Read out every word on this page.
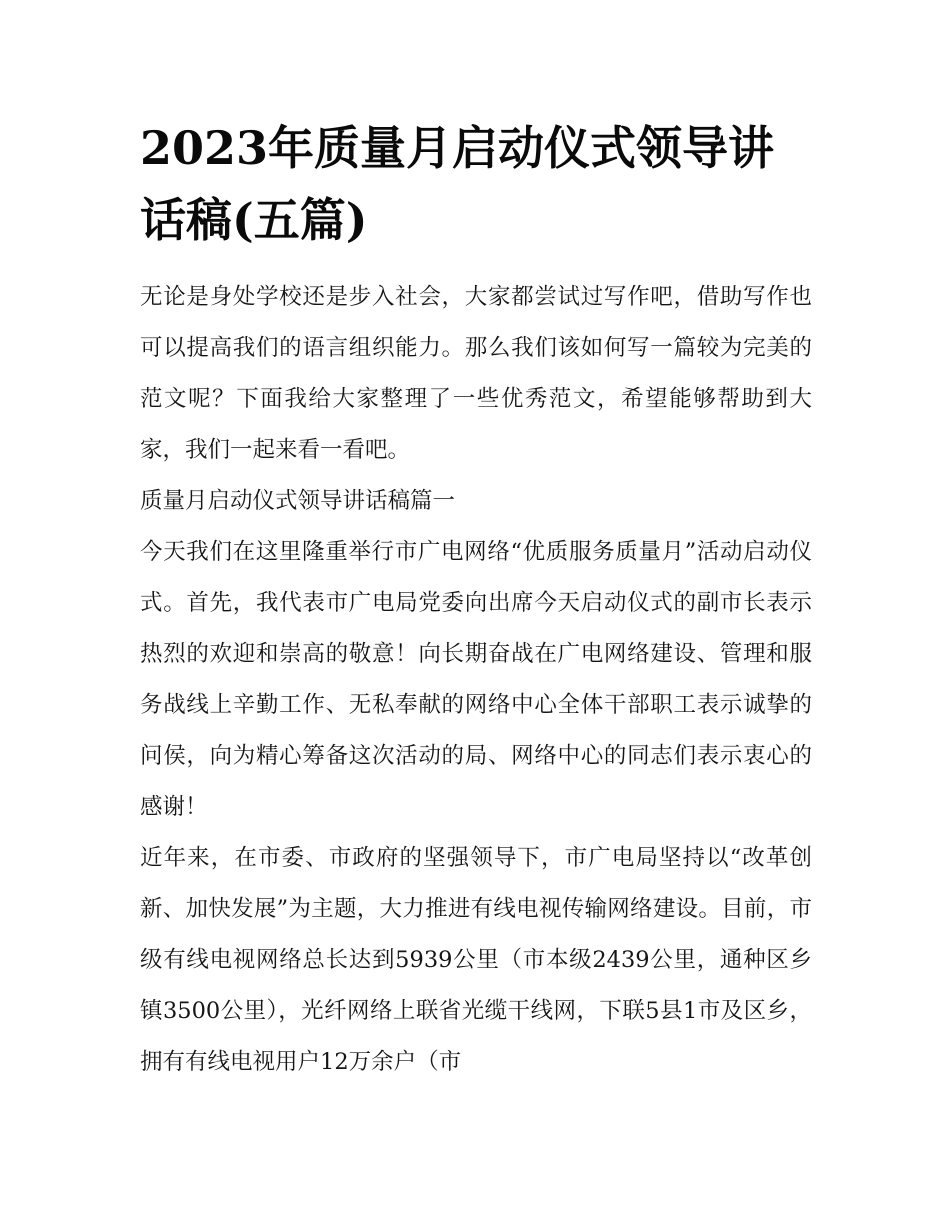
2023年质量月启动仪式领导讲话稿(五篇)

无论是身处学校还是步入社会，大家都尝试过写作吧，借助写作也可以提高我们的语言组织能力。那么我们该如何写一篇较为完美的范文呢？下面我给大家整理了一些优秀范文，希望能够帮助到大家，我们一起来看一看吧。

质量月启动仪式领导讲话稿篇一

今天我们在这里隆重举行市广电网络“优质服务质量月”活动启动仪式。首先，我代表市广电局党委向出席今天启动仪式的副市长表示热烈的欢迎和崇高的敬意！向长期奋战在广电网络建设、管理和服务战线上辛勤工作、无私奉献的网络中心全体干部职工表示诚挚的问侯，向为精心筹备这次活动的局、网络中心的同志们表示衷心的感谢！

近年来，在市委、市政府的坚强领导下，市广电局坚持以“改革创新、加快发展”为主题，大力推进有线电视传输网络建设。目前，市级有线电视网络总长达到5939公里（市本级2439公里，通种区乡镇3500公里），光纤网络上联省光缆干线网，下联5县1市及区乡，拥有有线电视用户12万余户（市
